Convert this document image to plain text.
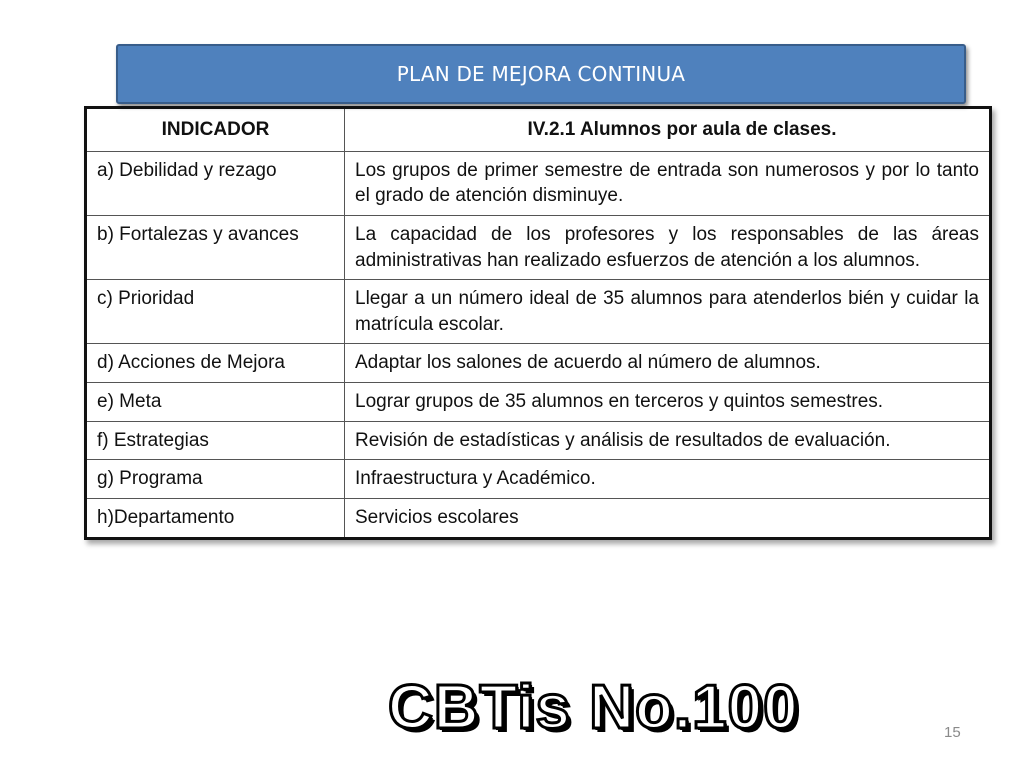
PLAN DE MEJORA CONTINUA
INDICADOR	IV.2.1 Alumnos por aula de clases.
a) Debilidad y rezago	Los grupos de primer semestre de entrada son numerosos y por lo tanto el grado de atención disminuye.
b) Fortalezas y avances	La capacidad de los profesores y los responsables de las áreas administrativas han realizado esfuerzos de atención a los alumnos.
c) Prioridad	Llegar a un número ideal de 35 alumnos para atenderlos bién y cuidar la matrícula escolar.
d) Acciones de Mejora	Adaptar los salones de acuerdo al número de alumnos.
e) Meta	Lograr grupos de 35 alumnos en terceros y quintos semestres.
f) Estrategias	Revisión de estadísticas y análisis de resultados de evaluación.
g) Programa	Infraestructura y Académico.
h)Departamento	Servicios escolares
CBTis No.100	15
